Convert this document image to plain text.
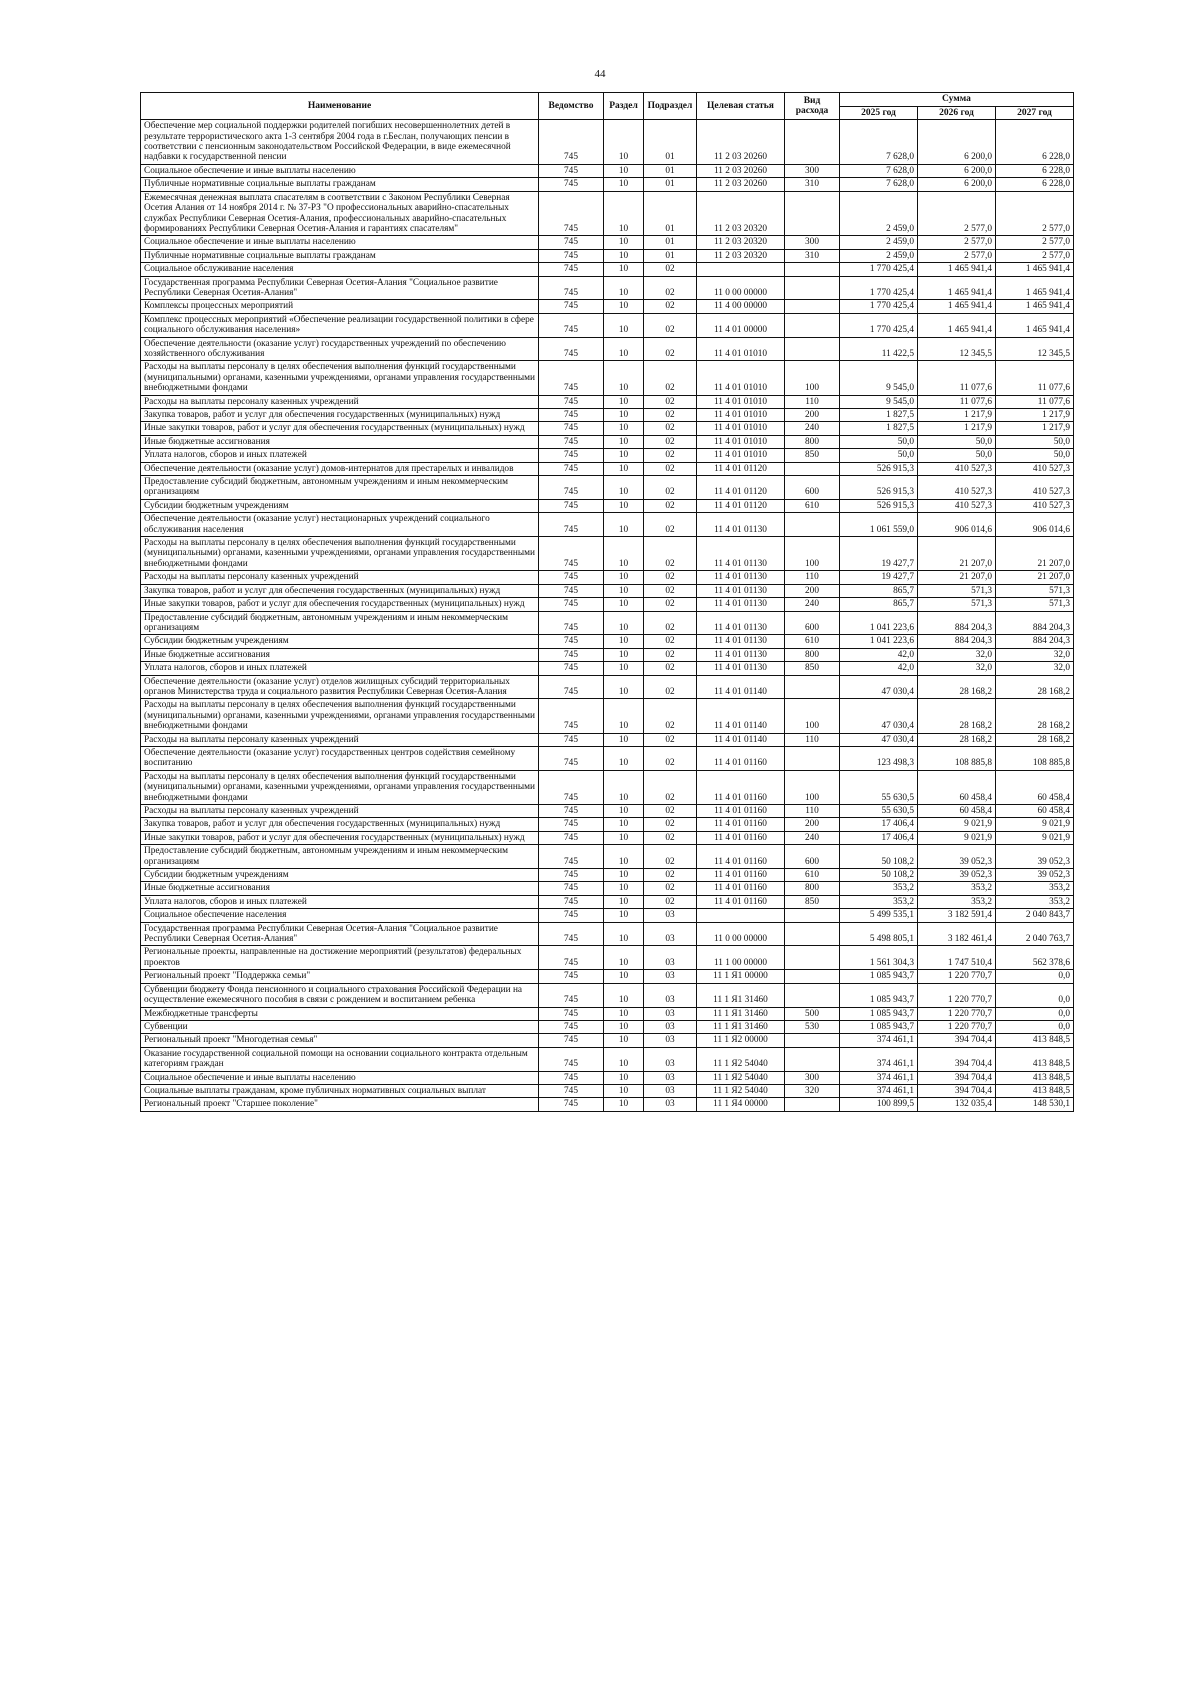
44
Наименование	Ведомство	Раздел	Подраздел	Целевая статья	Вид расхода	Сумма		
						2025 год	2026 год	2027 год
Обеспечение мер социальной поддержки родителей погибших несовершеннолетних детей в результате террористического акта 1-3 сентября 2004 года в г.Беслан, получающих пенсии в соответствии с пенсионным законодательством Российской Федерации, в виде ежемесячной надбавки к государственной пенсии	745	10	01	11 2 03 20260		7 628,0	6 200,0	6 228,0
Социальное обеспечение и иные выплаты населению	745	10	01	11 2 03 20260	300	7 628,0	6 200,0	6 228,0
Публичные нормативные социальные выплаты гражданам	745	10	01	11 2 03 20260	310	7 628,0	6 200,0	6 228,0
Ежемесячная денежная выплата спасателям в соответствии с Законом Республики Северная Осетия Алания от 14 ноября 2014 г. № 37-РЗ "О профессиональных аварийно-спасательных службах Республики Северная Осетия-Алания, профессиональных аварийно-спасательных формированиях Республики Северная Осетия-Алания и гарантиях спасателям"	745	10	01	11 2 03 20320		2 459,0	2 577,0	2 577,0
Социальное обеспечение и иные выплаты населению	745	10	01	11 2 03 20320	300	2 459,0	2 577,0	2 577,0
Публичные нормативные социальные выплаты гражданам	745	10	01	11 2 03 20320	310	2 459,0	2 577,0	2 577,0
Социальное обслуживание населения	745	10	02			1 770 425,4	1 465 941,4	1 465 941,4
Государственная программа Республики Северная Осетия-Алания "Социальное развитие Республики Северная Осетия-Алания"	745	10	02	11 0 00 00000		1 770 425,4	1 465 941,4	1 465 941,4
Комплексы процессных мероприятий	745	10	02	11 4 00 00000		1 770 425,4	1 465 941,4	1 465 941,4
Комплекс процессных мероприятий «Обеспечение реализации государственной политики в сфере социального обслуживания населения»	745	10	02	11 4 01 00000		1 770 425,4	1 465 941,4	1 465 941,4
Обеспечение деятельности (оказание услуг) государственных учреждений по обеспечению хозяйственного обслуживания	745	10	02	11 4 01 01010		11 422,5	12 345,5	12 345,5
Расходы на выплаты персоналу в целях обеспечения выполнения функций государственными (муниципальными) органами, казенными учреждениями, органами управления государственными внебюджетными фондами	745	10	02	11 4 01 01010	100	9 545,0	11 077,6	11 077,6
Расходы на выплаты персоналу казенных учреждений	745	10	02	11 4 01 01010	110	9 545,0	11 077,6	11 077,6
Закупка товаров, работ и услуг для обеспечения государственных (муниципальных) нужд	745	10	02	11 4 01 01010	200	1 827,5	1 217,9	1 217,9
Иные закупки товаров, работ и услуг для обеспечения государственных (муниципальных) нужд	745	10	02	11 4 01 01010	240	1 827,5	1 217,9	1 217,9
Иные бюджетные ассигнования	745	10	02	11 4 01 01010	800	50,0	50,0	50,0
Уплата налогов, сборов и иных платежей	745	10	02	11 4 01 01010	850	50,0	50,0	50,0
Обеспечение деятельности (оказание услуг) домов-интернатов для престарелых и инвалидов	745	10	02	11 4 01 01120		526 915,3	410 527,3	410 527,3
Предоставление субсидий бюджетным, автономным учреждениям и иным некоммерческим организациям	745	10	02	11 4 01 01120	600	526 915,3	410 527,3	410 527,3
Субсидии бюджетным учреждениям	745	10	02	11 4 01 01120	610	526 915,3	410 527,3	410 527,3
Обеспечение деятельности (оказание услуг) нестационарных учреждений социального обслуживания населения	745	10	02	11 4 01 01130		1 061 559,0	906 014,6	906 014,6
Расходы на выплаты персоналу в целях обеспечения выполнения функций государственными (муниципальными) органами, казенными учреждениями, органами управления государственными внебюджетными фондами	745	10	02	11 4 01 01130	100	19 427,7	21 207,0	21 207,0
Расходы на выплаты персоналу казенных учреждений	745	10	02	11 4 01 01130	110	19 427,7	21 207,0	21 207,0
Закупка товаров, работ и услуг для обеспечения государственных (муниципальных) нужд	745	10	02	11 4 01 01130	200	865,7	571,3	571,3
Иные закупки товаров, работ и услуг для обеспечения государственных (муниципальных) нужд	745	10	02	11 4 01 01130	240	865,7	571,3	571,3
Предоставление субсидий бюджетным, автономным учреждениям и иным некоммерческим организациям	745	10	02	11 4 01 01130	600	1 041 223,6	884 204,3	884 204,3
Субсидии бюджетным учреждениям	745	10	02	11 4 01 01130	610	1 041 223,6	884 204,3	884 204,3
Иные бюджетные ассигнования	745	10	02	11 4 01 01130	800	42,0	32,0	32,0
Уплата налогов, сборов и иных платежей	745	10	02	11 4 01 01130	850	42,0	32,0	32,0
Обеспечение деятельности (оказание услуг) отделов жилищных субсидий территориальных органов Министерства труда и социального развития Республики Северная Осетия-Алания	745	10	02	11 4 01 01140		47 030,4	28 168,2	28 168,2
Расходы на выплаты персоналу в целях обеспечения выполнения функций государственными (муниципальными) органами, казенными учреждениями, органами управления государственными внебюджетными фондами	745	10	02	11 4 01 01140	100	47 030,4	28 168,2	28 168,2
Расходы на выплаты персоналу казенных учреждений	745	10	02	11 4 01 01140	110	47 030,4	28 168,2	28 168,2
Обеспечение деятельности (оказание услуг) государственных центров содействия семейному воспитанию	745	10	02	11 4 01 01160		123 498,3	108 885,8	108 885,8
Расходы на выплаты персоналу в целях обеспечения выполнения функций государственными (муниципальными) органами, казенными учреждениями, органами управления государственными внебюджетными фондами	745	10	02	11 4 01 01160	100	55 630,5	60 458,4	60 458,4
Расходы на выплаты персоналу казенных учреждений	745	10	02	11 4 01 01160	110	55 630,5	60 458,4	60 458,4
Закупка товаров, работ и услуг для обеспечения государственных (муниципальных) нужд	745	10	02	11 4 01 01160	200	17 406,4	9 021,9	9 021,9
Иные закупки товаров, работ и услуг для обеспечения государственных (муниципальных) нужд	745	10	02	11 4 01 01160	240	17 406,4	9 021,9	9 021,9
Предоставление субсидий бюджетным, автономным учреждениям и иным некоммерческим организациям	745	10	02	11 4 01 01160	600	50 108,2	39 052,3	39 052,3
Субсидии бюджетным учреждениям	745	10	02	11 4 01 01160	610	50 108,2	39 052,3	39 052,3
Иные бюджетные ассигнования	745	10	02	11 4 01 01160	800	353,2	353,2	353,2
Уплата налогов, сборов и иных платежей	745	10	02	11 4 01 01160	850	353,2	353,2	353,2
Социальное обеспечение населения	745	10	03			5 499 535,1	3 182 591,4	2 040 843,7
Государственная программа Республики Северная Осетия-Алания "Социальное развитие Республики Северная Осетия-Алания"	745	10	03	11 0 00 00000		5 498 805,1	3 182 461,4	2 040 763,7
Региональные проекты, направленные на достижение мероприятий (результатов) федеральных проектов	745	10	03	11 1 00 00000		1 561 304,3	1 747 510,4	562 378,6
Региональный проект "Поддержка семьи"	745	10	03	11 1 Я1 00000		1 085 943,7	1 220 770,7	0,0
Субвенции бюджету Фонда пенсионного и социального страхования Российской Федерации на осуществление ежемесячного пособия в связи с рождением и воспитанием ребенка	745	10	03	11 1 Я1 31460		1 085 943,7	1 220 770,7	0,0
Межбюджетные трансферты	745	10	03	11 1 Я1 31460	500	1 085 943,7	1 220 770,7	0,0
Субвенции	745	10	03	11 1 Я1 31460	530	1 085 943,7	1 220 770,7	0,0
Региональный проект "Многодетная семья"	745	10	03	11 1 Я2 00000		374 461,1	394 704,4	413 848,5
Оказание государственной социальной помощи на основании социального контракта отдельным категориям граждан	745	10	03	11 1 Я2 54040		374 461,1	394 704,4	413 848,5
Социальное обеспечение и иные выплаты населению	745	10	03	11 1 Я2 54040	300	374 461,1	394 704,4	413 848,5
Социальные выплаты гражданам, кроме публичных нормативных социальных выплат	745	10	03	11 1 Я2 54040	320	374 461,1	394 704,4	413 848,5
Региональный проект "Старшее поколение"	745	10	03	11 1 Я4 00000		100 899,5	132 035,4	148 530,1
